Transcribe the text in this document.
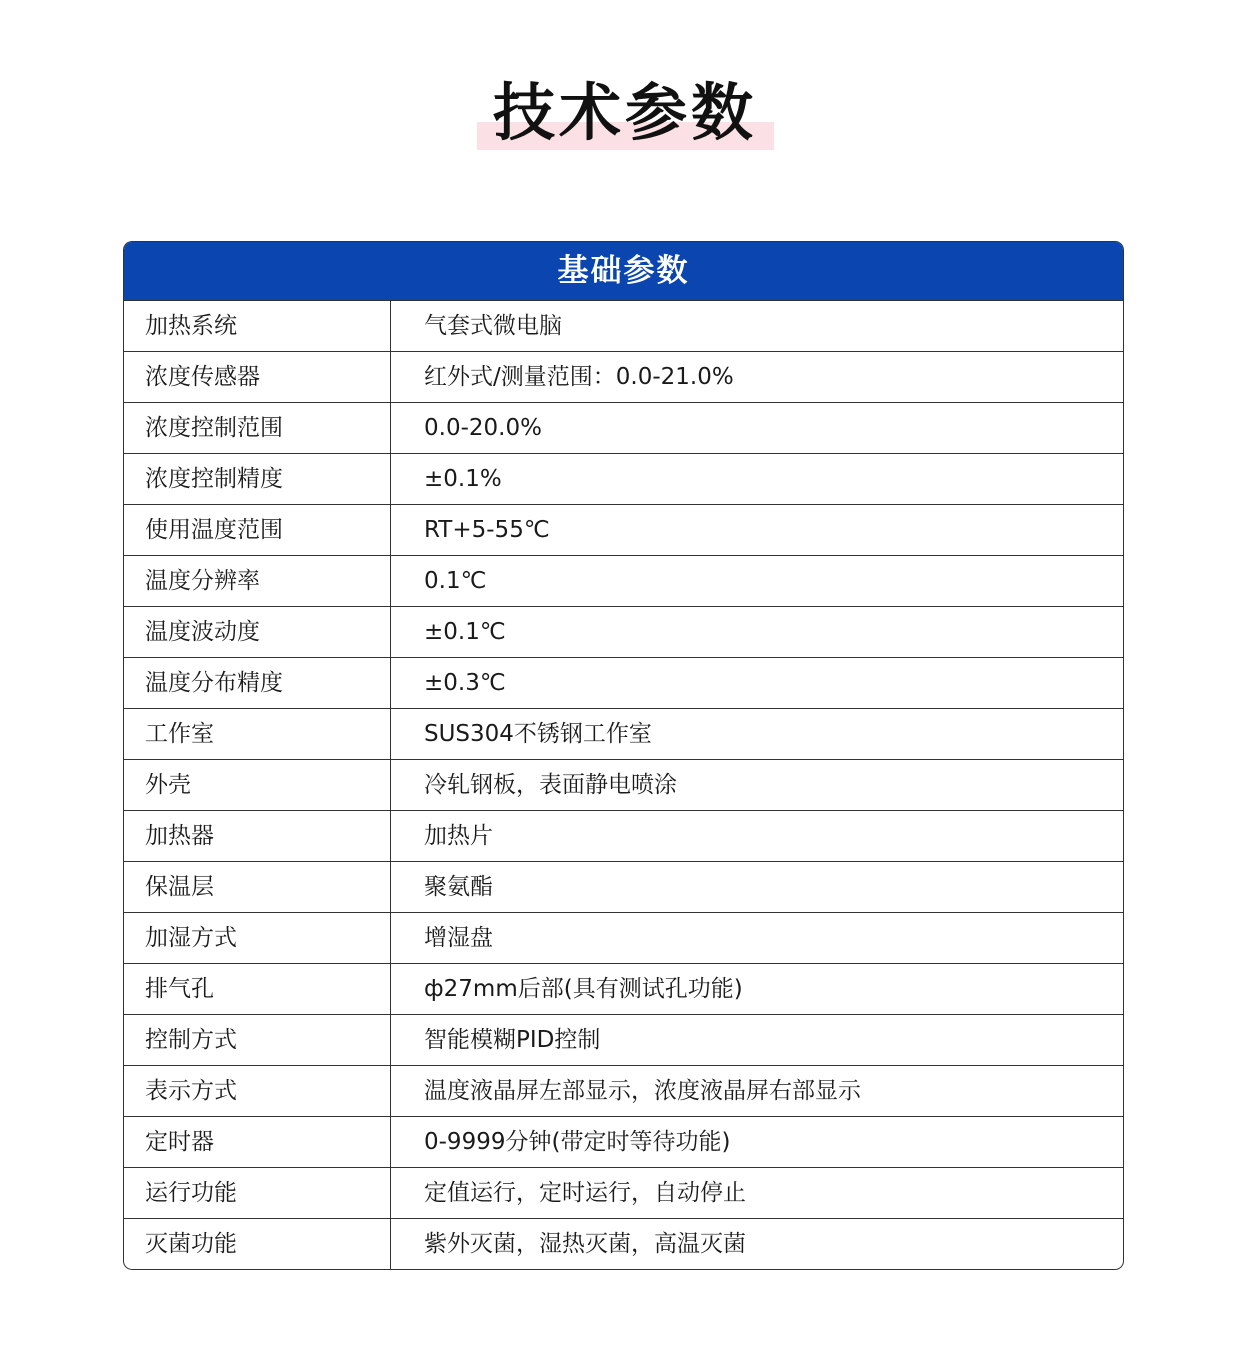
技术参数
基础参数
加热系统	气套式微电脑
浓度传感器	红外式/测量范围：0.0-21.0%
浓度控制范围	0.0-20.0%
浓度控制精度	±0.1%
使用温度范围	RT+5-55℃
温度分辨率	0.1℃
温度波动度	±0.1℃
温度分布精度	±0.3℃
工作室	SUS304不锈钢工作室
外壳	冷轧钢板，表面静电喷涂
加热器	加热片
保温层	聚氨酯
加湿方式	增湿盘
排气孔	ф27mm后部(具有测试孔功能)
控制方式	智能模糊PID控制
表示方式	温度液晶屏左部显示，浓度液晶屏右部显示
定时器	0-9999分钟(带定时等待功能)
运行功能	定值运行，定时运行，自动停止
灭菌功能	紫外灭菌，湿热灭菌，高温灭菌
